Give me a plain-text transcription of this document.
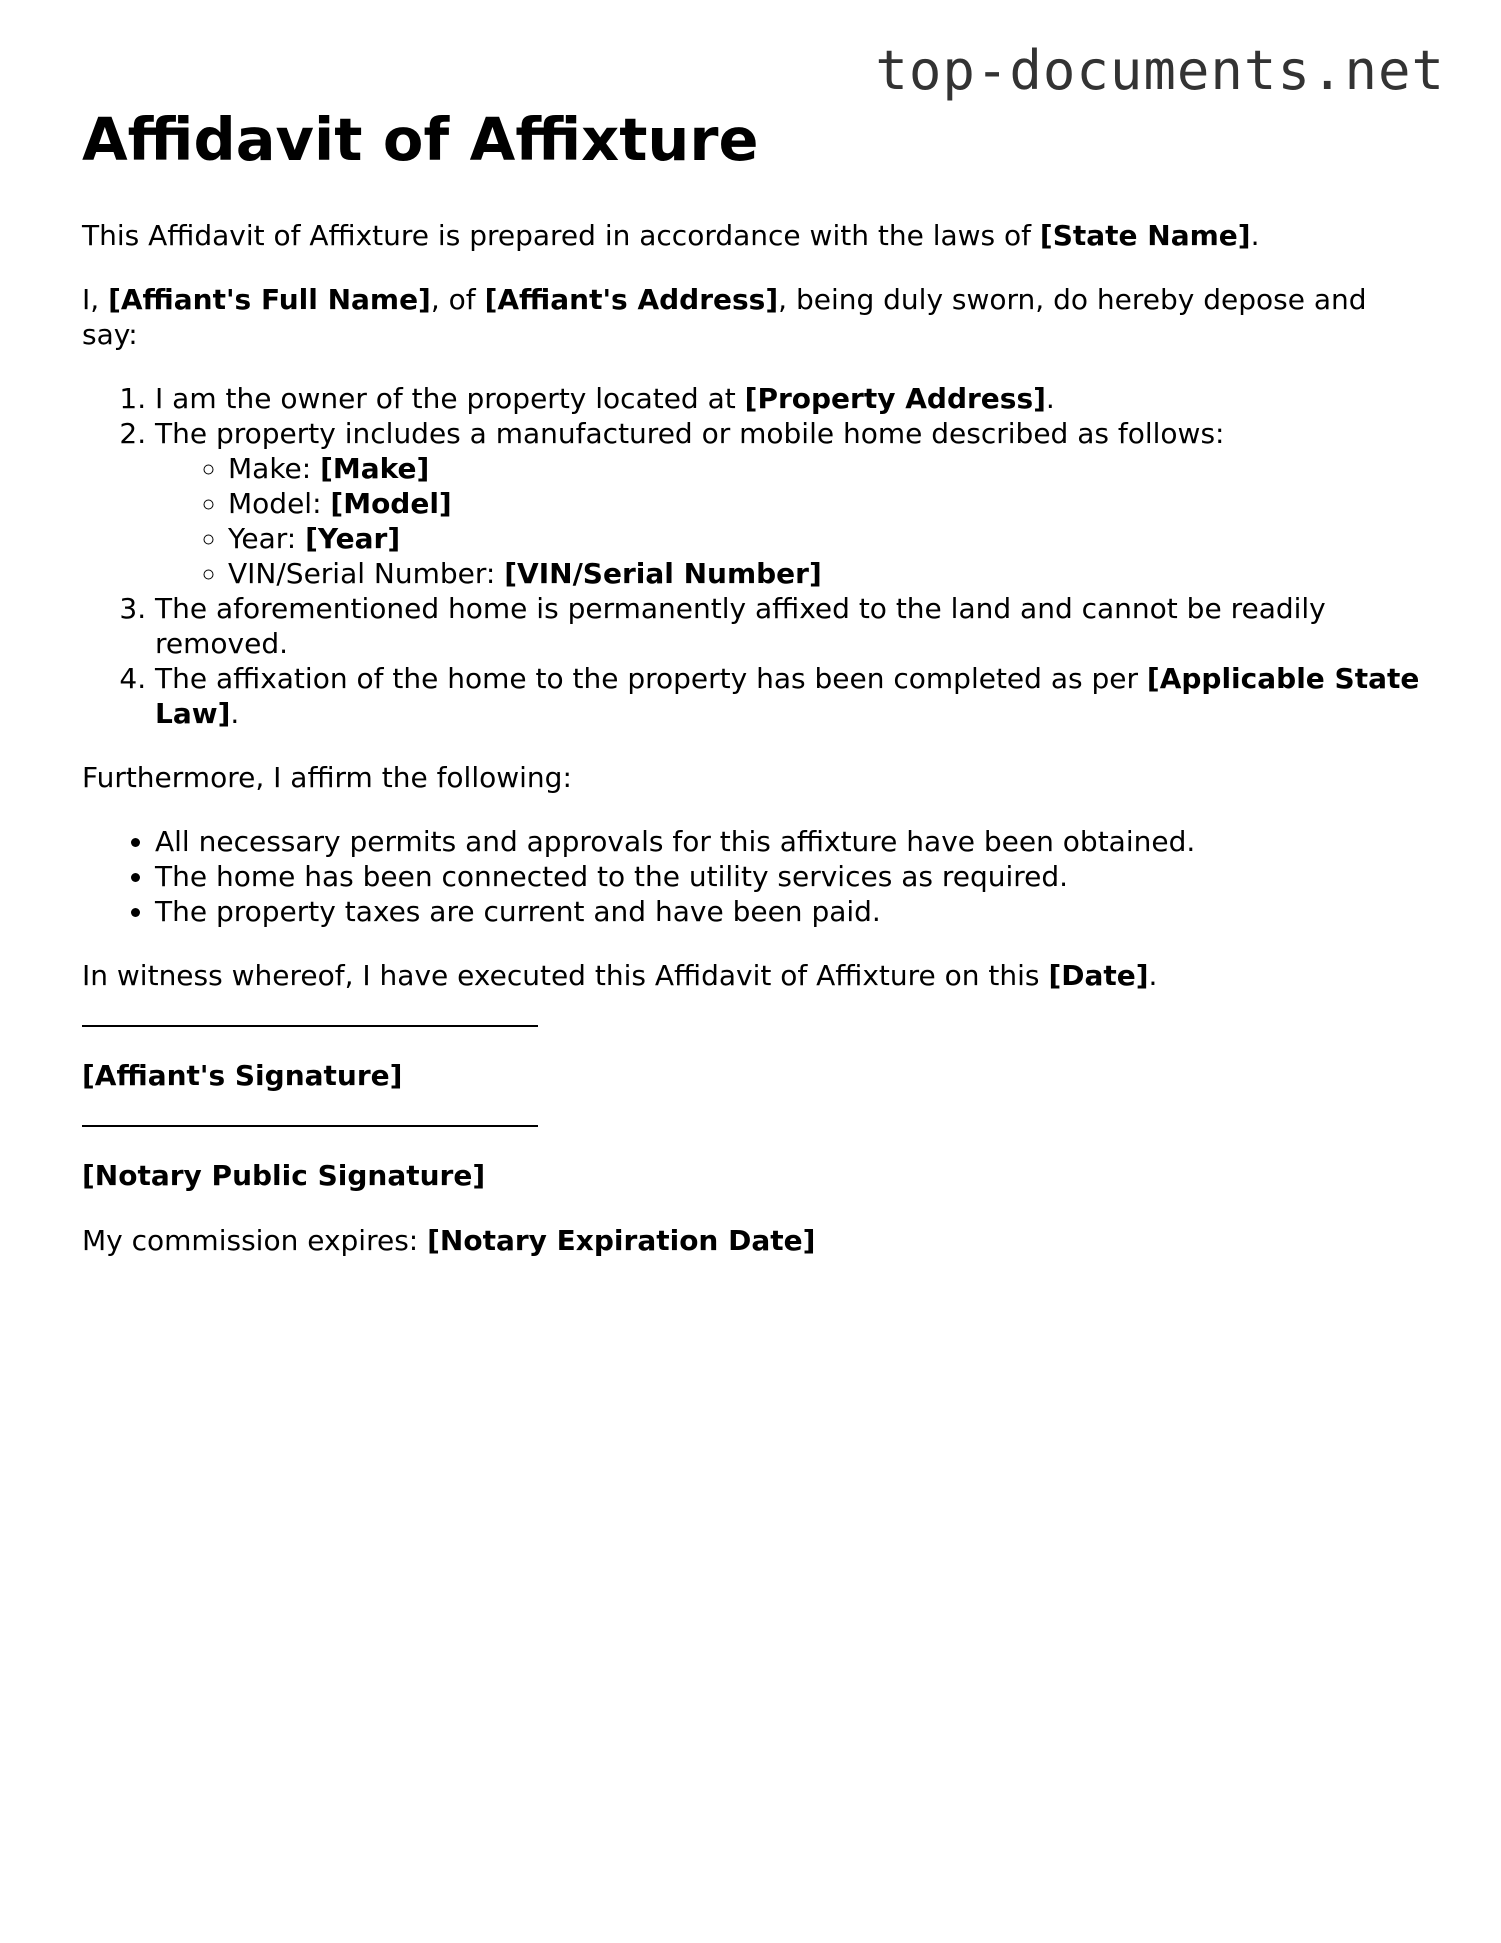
top-documents.net
Affidavit of Affixture

This Affidavit of Affixture is prepared in accordance with the laws of [State Name].

I, [Affiant's Full Name], of [Affiant's Address], being duly sworn, do hereby depose and say:

1. I am the owner of the property located at [Property Address].
2. The property includes a manufactured or mobile home described as follows:
◦ Make: [Make]
◦ Model: [Model]
◦ Year: [Year]
◦ VIN/Serial Number: [VIN/Serial Number]
3. The aforementioned home is permanently affixed to the land and cannot be readily removed.
4. The affixation of the home to the property has been completed as per [Applicable State Law].

Furthermore, I affirm the following:

• All necessary permits and approvals for this affixture have been obtained.
• The home has been connected to the utility services as required.
• The property taxes are current and have been paid.

In witness whereof, I have executed this Affidavit of Affixture on this [Date].

[Affiant's Signature]

[Notary Public Signature]

My commission expires: [Notary Expiration Date]
